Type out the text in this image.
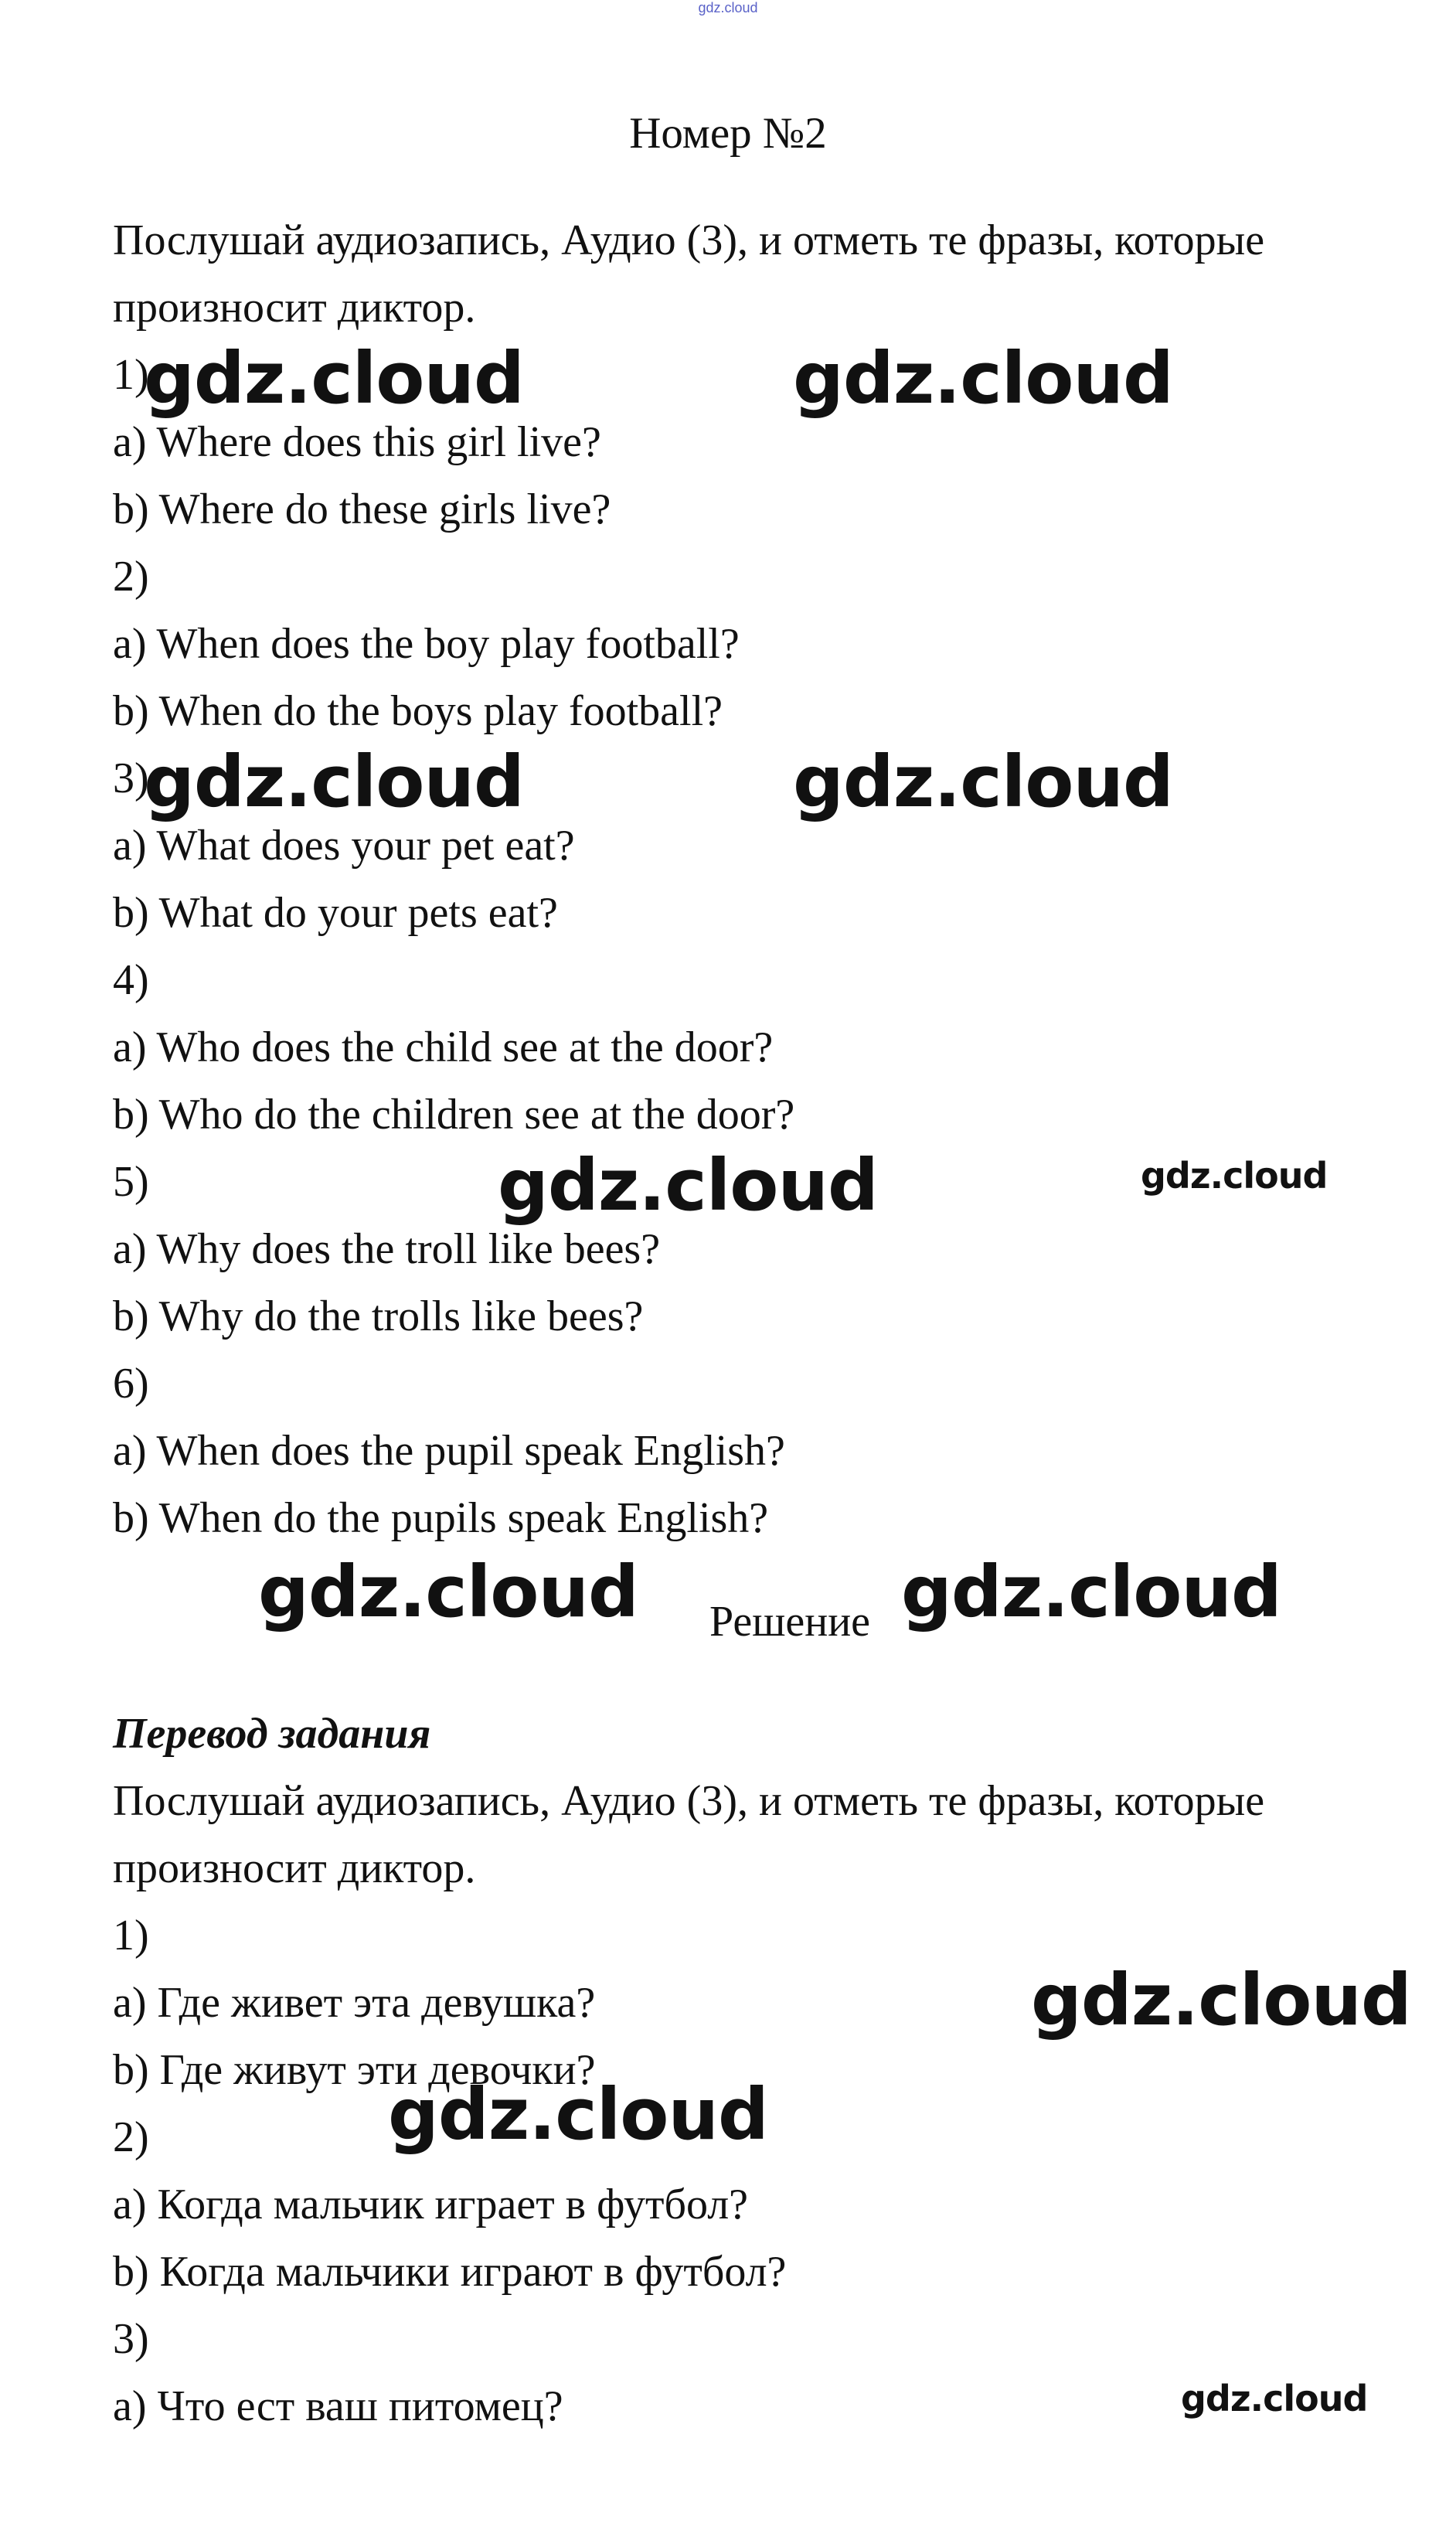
gdz.cloud
Номер №2
Послушай аудиозапись, Аудио (3), и отметь те фразы, которые произносит диктор.
1)
a) Where does this girl live?
b) Where do these girls live?
2)
a) When does the boy play football?
b) When do the boys play football?
3)
a) What does your pet eat?
b) What do your pets eat?
4)
a) Who does the child see at the door?
b) Who do the children see at the door?
5)
a) Why does the troll like bees?
b) Why do the trolls like bees?
6)
a) When does the pupil speak English?
b) When do the pupils speak English?
Решение
Перевод задания
Послушай аудиозапись, Аудио (3), и отметь те фразы, которые произносит диктор.
1)
a) Где живет эта девушка?
b) Где живут эти девочки?
2)
a) Когда мальчик играет в футбол?
b) Когда мальчики играют в футбол?
3)
a) Что ест ваш питомец?
gdz.cloud	gdz.cloud
gdz.cloud	gdz.cloud
gdz.cloud	gdz.cloud
gdz.cloud	gdz.cloud
gdz.cloud
gdz.cloud
gdz.cloud
